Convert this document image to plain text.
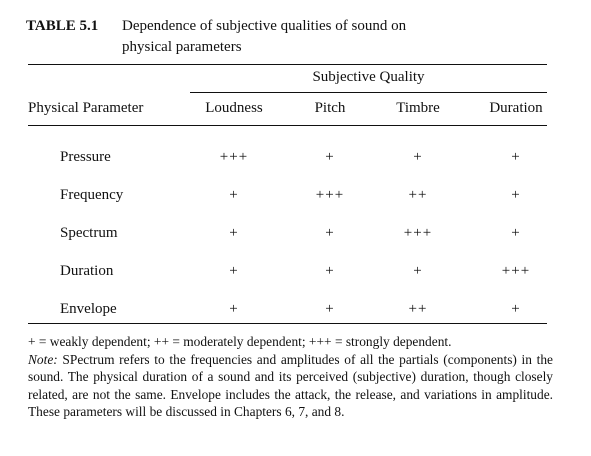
TABLE 5.1 Dependence of subjective qualities of sound on
physical parameters
Subjective Quality
Physical Parameter	Loudness	Pitch	Timbre	Duration
Pressure	+++	+	+	+
Frequency	+	+++	++	+
Spectrum	+	+	+++	+
Duration	+	+	+	+++
Envelope	+	+	++	+

+ = weakly dependent; ++ = moderately dependent; +++ = strongly dependent.

Note: SPectrum refers to the frequencies and amplitudes of all the partials (components) in the sound. The physical duration of a sound and its perceived (subjective) duration, though closely related, are not the same. Envelope includes the attack, the release, and variations in amplitude. These parameters will be discussed in Chapters 6, 7, and 8.
